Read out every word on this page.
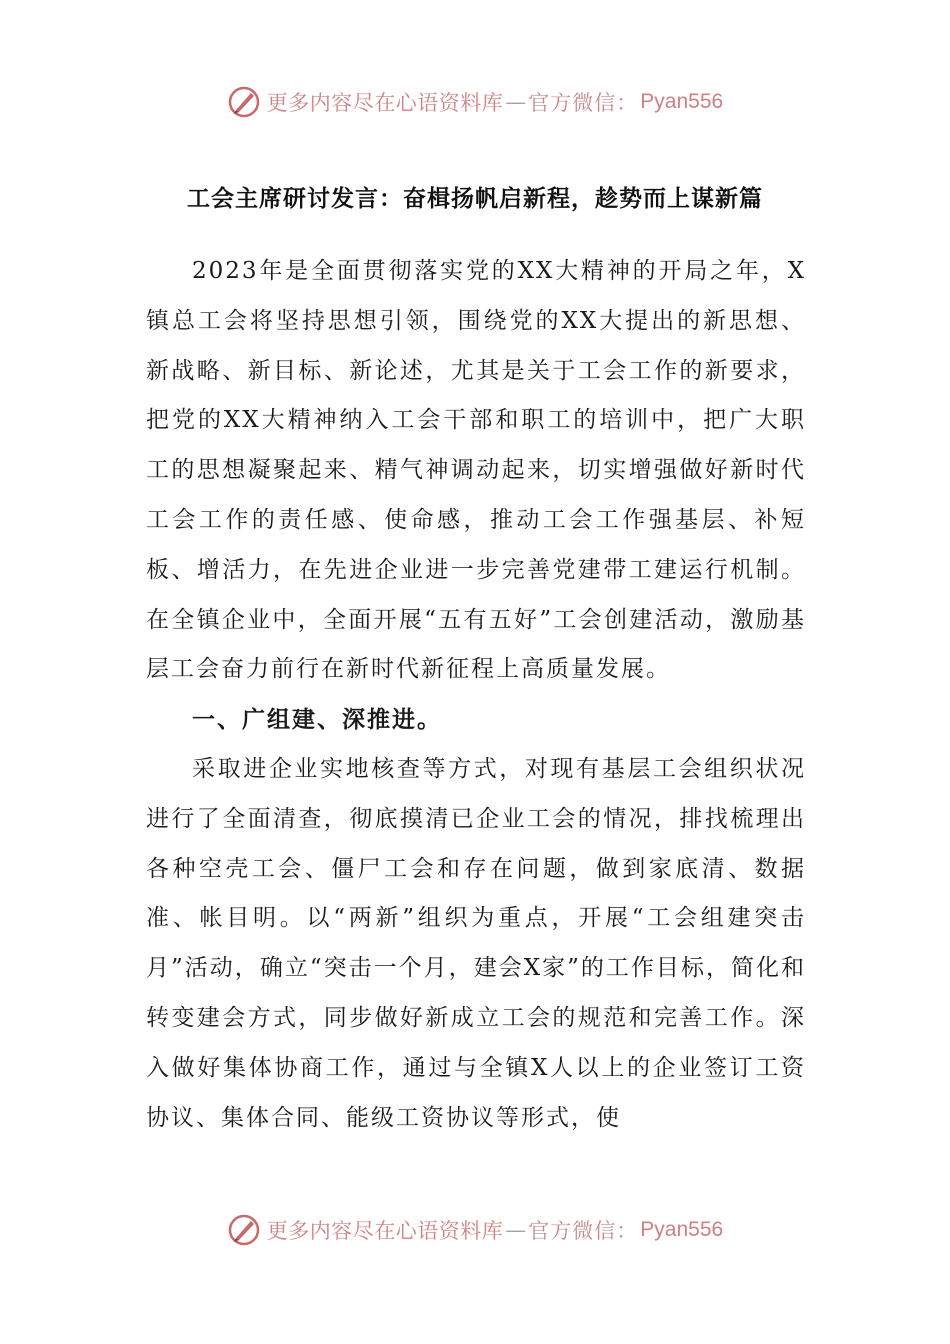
更多内容尽在心语资料库 — 官方微信： Pyan556
工会主席研讨发言：奋楫扬帆启新程，趁势而上谋新篇

2023年是全面贯彻落实党的XX大精神的开局之年，X镇总工会将坚持思想引领，围绕党的XX大提出的新思想、新战略、新目标、新论述，尤其是关于工会工作的新要求，把党的XX大精神纳入工会干部和职工的培训中，把广大职工的思想凝聚起来、精气神调动起来，切实增强做好新时代工会工作的责任感、使命感，推动工会工作强基层、补短板、增活力，在先进企业进一步完善党建带工建运行机制。在全镇企业中，全面开展“五有五好”工会创建活动，激励基层工会奋力前行在新时代新征程上高质量发展。

一、广组建、深推进。

采取进企业实地核查等方式，对现有基层工会组织状况进行了全面清查，彻底摸清已企业工会的情况，排找梳理出各种空壳工会、僵尸工会和存在问题，做到家底清、数据准、帐目明。以“两新”组织为重点，开展“工会组建突击月”活动，确立“突击一个月，建会X家”的工作目标，简化和转变建会方式，同步做好新成立工会的规范和完善工作。深入做好集体协商工作，通过与全镇X人以上的企业签订工资协议、集体合同、能级工资协议等形式，使

更多内容尽在心语资料库 — 官方微信： Pyan556
